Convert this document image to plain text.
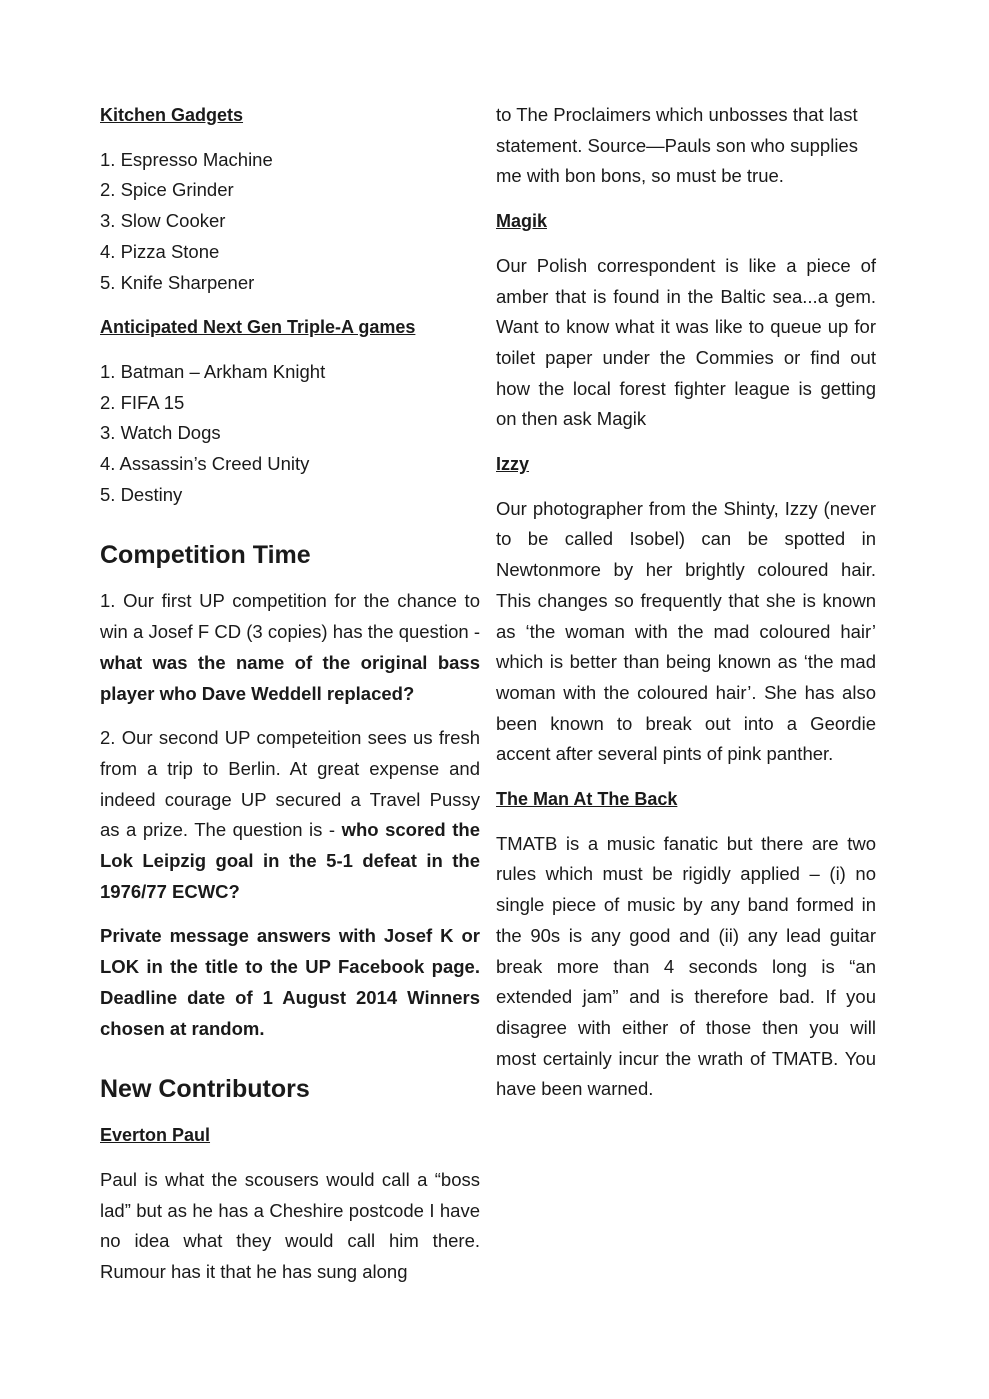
Kitchen Gadgets
1. Espresso Machine
2. Spice Grinder
3. Slow Cooker
4. Pizza Stone
5. Knife Sharpener
Anticipated Next Gen Triple-A games
1. Batman – Arkham Knight
2. FIFA 15
3. Watch Dogs
4. Assassin’s Creed Unity
5. Destiny
Competition Time

1. Our first UP competition for the chance to win a Josef F CD (3 copies) has the question - what was the name of the original bass player who Dave Weddell replaced?

2. Our second UP competeition sees us fresh from a trip to Berlin. At great expense and indeed courage UP secured a Travel Pussy as a prize. The question is - who scored the Lok Leipzig goal in the 5-1 defeat in the 1976/77 ECWC?

Private message answers with Josef K or LOK in the title to the UP Facebook page. Deadline date of 1 August 2014 Winners chosen at random.

New Contributors
Everton Paul

Paul is what the scousers would call a “boss lad” but as he has a Cheshire postcode I have no idea what they would call him there. Rumour has it that he has sung along

to The Proclaimers which unbosses that last statement. Source—Pauls son who supplies me with bon bons, so must be true.

Magik

Our Polish correspondent is like a piece of amber that is found in the Baltic sea...a gem. Want to know what it was like to queue up for toilet paper under the Commies or find out how the local forest fighter league is getting on then ask Magik

Izzy

Our photographer from the Shinty, Izzy (never to be called Isobel) can be spotted in Newtonmore by her brightly coloured hair. This changes so frequently that she is known as ‘the woman with the mad coloured hair’ which is better than being known as ‘the mad woman with the coloured hair’. She has also been known to break out into a Geordie accent after several pints of pink panther.

The Man At The Back

TMATB is a music fanatic but there are two rules which must be rigidly applied – (i) no single piece of music by any band formed in the 90s is any good and (ii) any lead guitar break more than 4 seconds long is “an extended jam” and is therefore bad. If you disagree with either of those then you will most certainly incur the wrath of TMATB. You have been warned.
